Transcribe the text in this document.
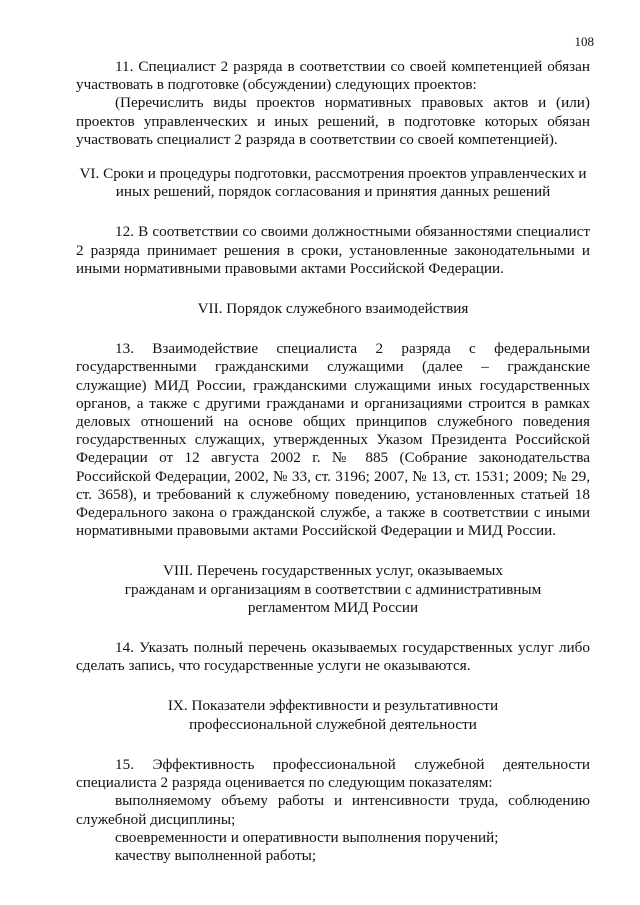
108

11. Специалист 2 разряда в соответствии со своей компетенцией обязан участвовать в подготовке (обсуждении) следующих проектов:

(Перечислить виды проектов нормативных правовых актов и (или) проектов управленческих и иных решений, в подготовке которых обязан участвовать специалист 2 разряда в соответствии со своей компетенцией).

VI. Сроки и процедуры подготовки, рассмотрения проектов управленческих и иных решений, порядок согласования и принятия данных решений

12. В соответствии со своими должностными обязанностями специалист 2 разряда принимает решения в сроки, установленные законодательными и иными нормативными правовыми актами Российской Федерации.

VII. Порядок служебного взаимодействия

13. Взаимодействие специалиста 2 разряда с федеральными государственными гражданскими служащими (далее – гражданские служащие) МИД России, гражданскими служащими иных государственных органов, а также с другими гражданами и организациями строится в рамках деловых отношений на основе общих принципов служебного поведения государственных служащих, утвержденных Указом Президента Российской Федерации от 12 августа 2002 г. № 885 (Собрание законодательства Российской Федерации, 2002, № 33, ст. 3196; 2007, № 13, ст. 1531; 2009; № 29, ст. 3658), и требований к служебному поведению, установленных статьей 18 Федерального закона о гражданской службе, а также в соответствии с иными нормативными правовыми актами Российской Федерации и МИД России.

VIII. Перечень государственных услуг, оказываемых

гражданам и организациям в соответствии с административным

регламентом МИД России

14. Указать полный перечень оказываемых государственных услуг либо сделать запись, что государственные услуги не оказываются.

IX. Показатели эффективности и результативности

профессиональной служебной деятельности

15. Эффективность профессиональной служебной деятельности специалиста 2 разряда оценивается по следующим показателям:

выполняемому объему работы и интенсивности труда, соблюдению служебной дисциплины;

своевременности и оперативности выполнения поручений;

качеству выполненной работы;
